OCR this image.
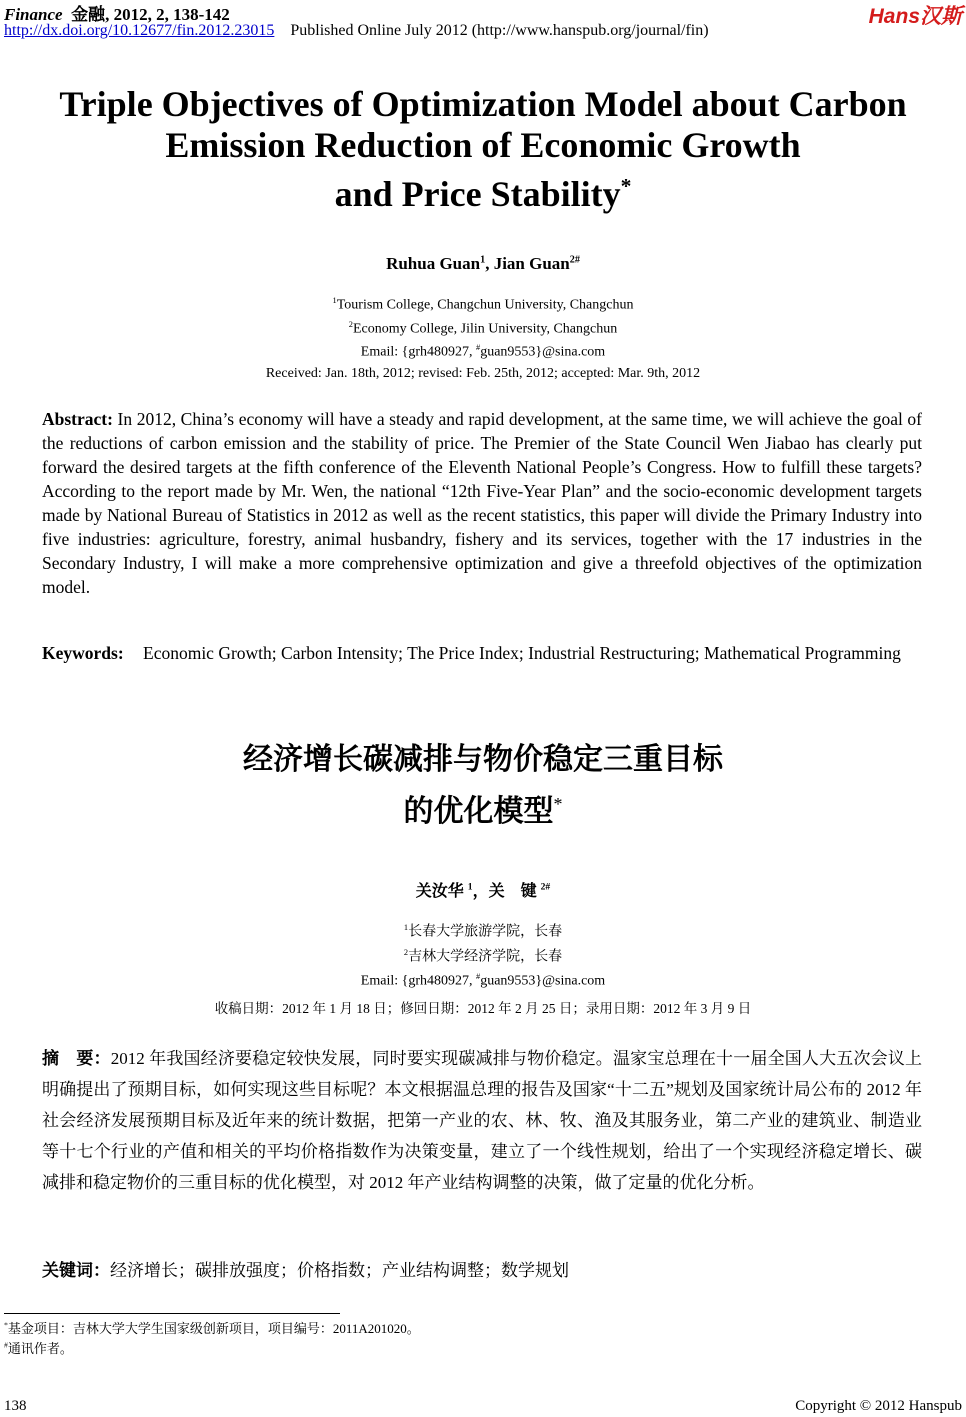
Finance 金融, 2012, 2, 138-142
http://dx.doi.org/10.12677/fin.2012.23015 Published Online July 2012 (http://www.hanspub.org/journal/fin)
Hans汉斯
Triple Objectives of Optimization Model about Carbon
Emission Reduction of Economic Growth
and Price Stability*
Ruhua Guan$^1$, Jian Guan$^{2\#}$
$^1$Tourism College, Changchun University, Changchun
$^2$Economy College, Jilin University, Changchun
Email: {grh480927, #guan9553}@sina.com
Received: Jan. 18th, 2012; revised: Feb. 25th, 2012; accepted: Mar. 9th, 2012
Abstract: In 2012, China’s economy will have a steady and rapid development, at the same time, we will achieve the goal of the reductions of carbon emission and the stability of price. The Premier of the State Council Wen Jiabao has clearly put forward the desired targets at the fifth conference of the Eleventh National People’s Congress. How to fulfill these targets? According to the report made by Mr. Wen, the national “12th Five-Year Plan” and the socio-economic development targets made by National Bureau of Statistics in 2012 as well as the recent statistics, this paper will divide the Primary Industry into five industries: agriculture, forestry, animal husbandry, fishery and its services, together with the 17 industries in the Secondary Industry, I will make a more comprehensive optimization and give a threefold objectives of the optimization model.
Keywords: Economic Growth; Carbon Intensity; The Price Index; Industrial Restructuring; Mathematical Programming
经济增长碳减排与物价稳定三重目标
的优化模型*
关汝华 $^1$，关　键 $^{2\#}$
$^1$长春大学旅游学院，长春
$^2$吉林大学经济学院，长春
Email: {grh480927, #guan9553}@sina.com
收稿日期：2012 年 1 月 18 日；修回日期：2012 年 2 月 25 日；录用日期：2012 年 3 月 9 日
摘　要：2012 年我国经济要稳定较快发展，同时要实现碳减排与物价稳定。温家宝总理在十一届全国人大五次会议上明确提出了预期目标，如何实现这些目标呢？本文根据温总理的报告及国家“十二五”规划及国家统计局公布的 2012 年社会经济发展预期目标及近年来的统计数据，把第一产业的农、林、牧、渔及其服务业，第二产业的建筑业、制造业等十七个行业的产值和相关的平均价格指数作为决策变量，建立了一个线性规划，给出了一个实现经济稳定增长、碳减排和稳定物价的三重目标的优化模型，对 2012 年产业结构调整的决策，做了定量的优化分析。
关键词：经济增长；碳排放强度；价格指数；产业结构调整；数学规划
*基金项目：吉林大学大学生国家级创新项目，项目编号：2011A201020。
#通讯作者。
138	Copyright © 2012 Hanspub
